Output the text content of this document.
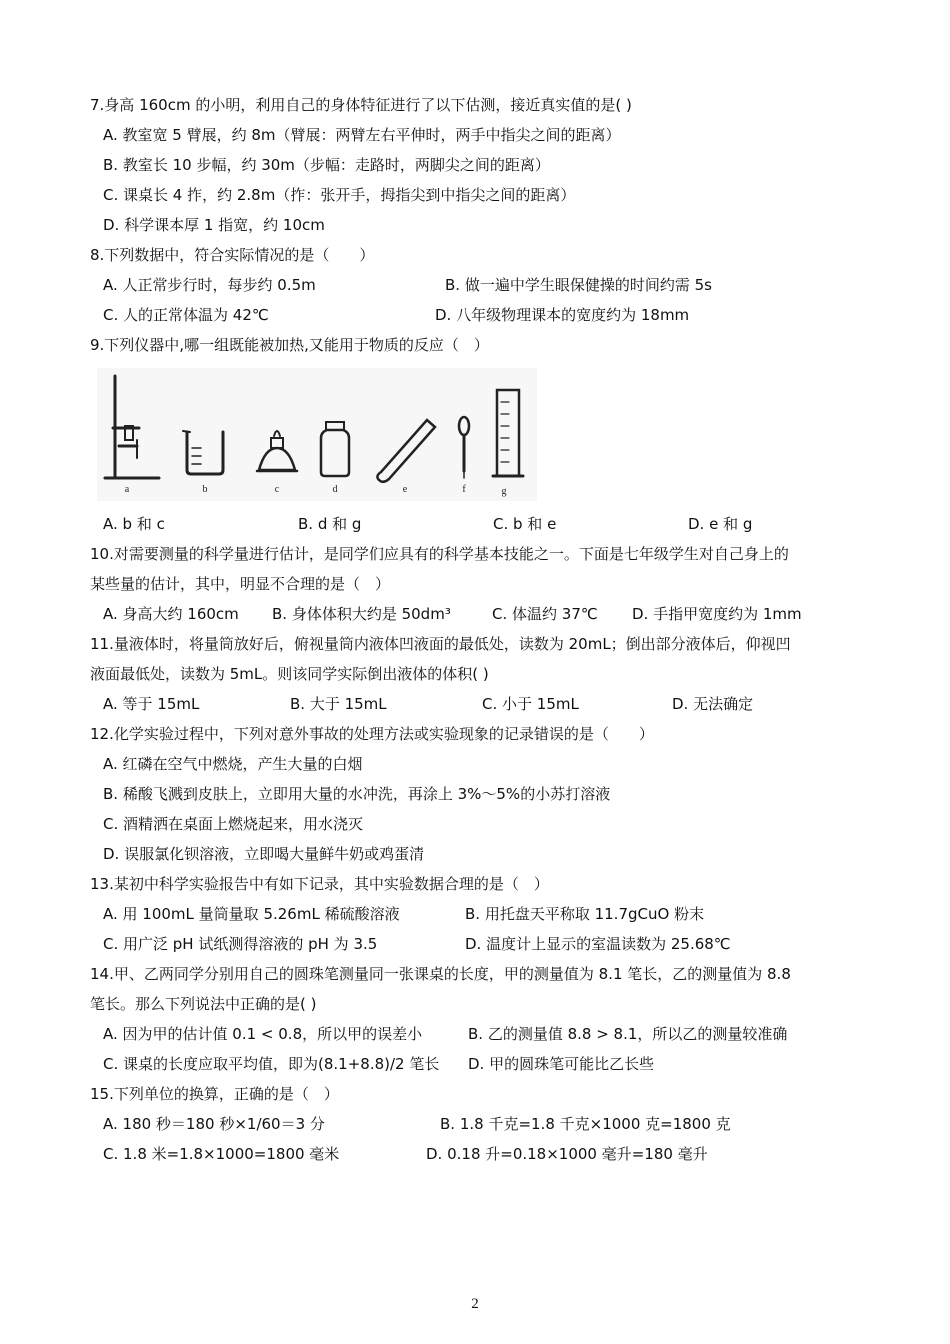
7.身高 160cm 的小明，利用自己的身体特征进行了以下估测，接近真实值的是( )
A. 教室宽 5 臂展，约 8m（臂展：两臂左右平伸时，两手中指尖之间的距离）
B. 教室长 10 步幅，约 30m（步幅：走路时，两脚尖之间的距离）
C. 课桌长 4 拃，约 2.8m（拃：张开手，拇指尖到中指尖之间的距离）
D. 科学课本厚 1 指宽，约 10cm
8.下列数据中，符合实际情况的是（　　）
A. 人正常步行时，每步约 0.5m	B. 做一遍中学生眼保健操的时间约需 5s
C. 人的正常体温为 42℃	D. 八年级物理课本的宽度约为 18mm
9.下列仪器中,哪一组既能被加热,又能用于物质的反应（　）
a	b	c	d	e	f	g
A. b 和 c	B. d 和 g	C. b 和 e	D. e 和 g
10.对需要测量的科学量进行估计，是同学们应具有的科学基本技能之一。下面是七年级学生对自己身上的
某些量的估计，其中，明显不合理的是（　）
A. 身高大约 160cm B. 身体体积大约是 50dm³	C. 体温约 37℃ D. 手指甲宽度约为 1mm
11.量液体时，将量筒放好后，俯视量筒内液体凹液面的最低处，读数为 20mL；倒出部分液体后，仰视凹
液面最低处，读数为 5mL。则该同学实际倒出液体的体积( )
A. 等于 15mL	B. 大于 15mL	C. 小于 15mL	D. 无法确定
12.化学实验过程中，下列对意外事故的处理方法或实验现象的记录错误的是（　　）
A. 红磷在空气中燃烧，产生大量的白烟
B. 稀酸飞溅到皮肤上，立即用大量的水冲洗，再涂上 3%～5%的小苏打溶液
C. 酒精洒在桌面上燃烧起来，用水浇灭
D. 误服氯化钡溶液，立即喝大量鲜牛奶或鸡蛋清
13.某初中科学实验报告中有如下记录，其中实验数据合理的是（　）
A. 用 100mL 量筒量取 5.26mL 稀硫酸溶液	B. 用托盘天平称取 11.7gCuO 粉末
C. 用广泛 pH 试纸测得溶液的 pH 为 3.5	D. 温度计上显示的室温读数为 25.68℃
14.甲、乙两同学分别用自己的圆珠笔测量同一张课桌的长度，甲的测量值为 8.1 笔长，乙的测量值为 8.8
笔长。那么下列说法中正确的是( )
A. 因为甲的估计值 0.1 < 0.8，所以甲的误差小	B. 乙的测量值 8.8 > 8.1，所以乙的测量较准确
C. 课桌的长度应取平均值，即为(8.1+8.8)/2 笔长 D. 甲的圆珠笔可能比乙长些
15.下列单位的换算，正确的是（　）
A. 180 秒＝180 秒×1/60＝3 分	B. 1.8 千克=1.8 千克×1000 克=1800 克
C. 1.8 米=1.8×1000=1800 毫米	D. 0.18 升=0.18×1000 毫升=180 毫升
2
